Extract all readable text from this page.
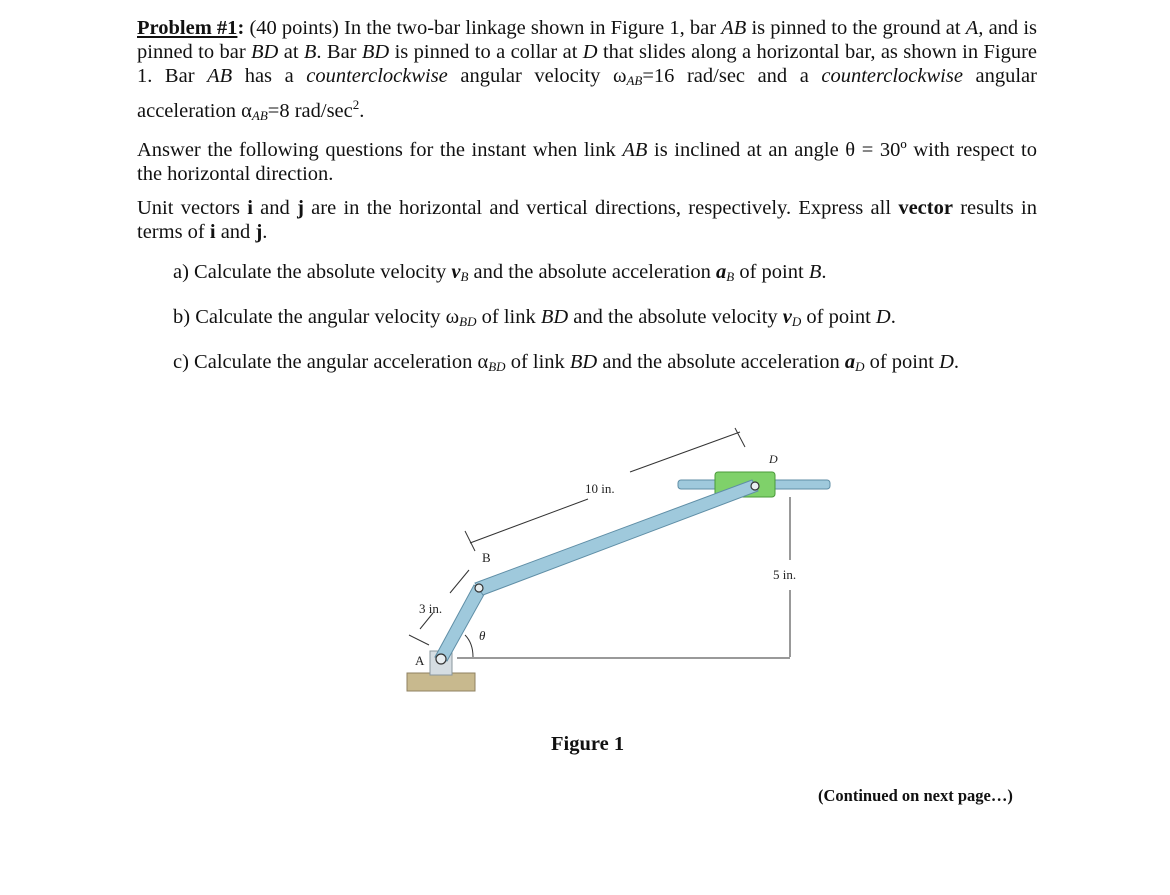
Problem #1: (40 points) In the two-bar linkage shown in Figure 1, bar AB is pinned to the ground at A, and is pinned to bar BD at B. Bar BD is pinned to a collar at D that slides along a horizontal bar, as shown in Figure 1. Bar AB has a counterclockwise angular velocity $\omega_{AB}=16$ rad/sec and a counterclockwise angular acceleration $\alpha_{AB}=8$ rad/$\sec^2$.

Answer the following questions for the instant when link AB is inclined at an angle θ = 30º with respect to the horizontal direction.

Unit vectors i and j are in the horizontal and vertical directions, respectively. Express all vector results in terms of i and j.

a) Calculate the absolute velocity $v_B$ and the absolute acceleration $a_B$ of point B.
b) Calculate the angular velocity $\omega_{BD}$ of link BD and the absolute velocity $v_D$ of point D.
c) Calculate the angular acceleration $\alpha_{BD}$ of link BD and the absolute acceleration $a_D$ of point D.
10 in.
3 in.
5 in.
A
B
D
θ
Figure 1
(Continued on next page…)
